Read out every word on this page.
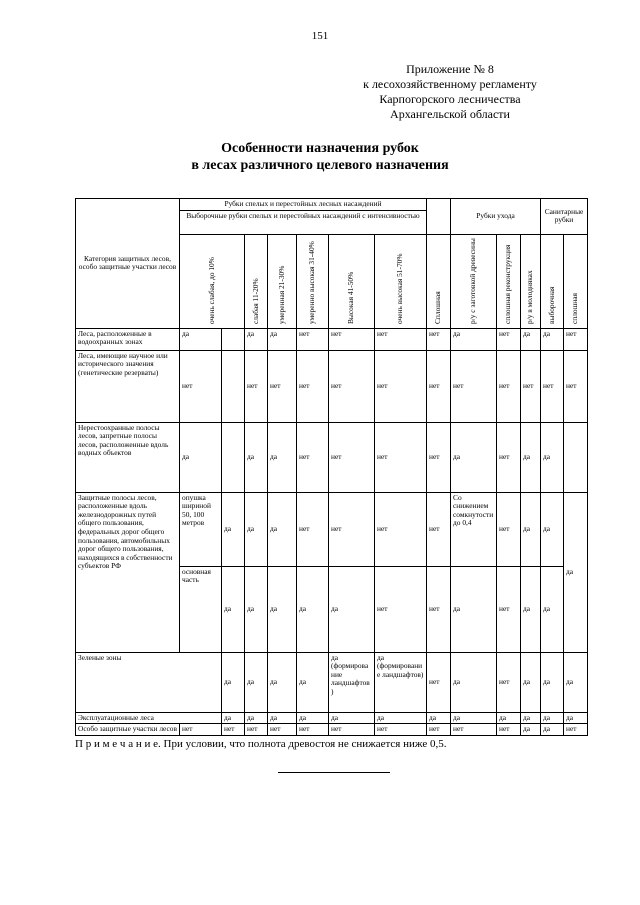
151
Приложение № 8
к лесохозяйственному регламенту
Карпогорского лесничества
Архангельской области
Особенности назначения рубок
в лесах различного целевого назначения
Категория защитных лесов, особо защитные участки лесов	Рубки спелых и перестойных лесных насаждений								Рубки ухода			Санитарные рубки	
	Выборочные рубки спелых и перестойных насаждений с интенсивностью												

	очень слабая, до 10%		слабая 11-20%	умеренная 21-30%	умеренно высокая 31-40%	Высокая 41-50%	очень высокая 51-70%	Сплошная	р/у с заготовкой древесины	сплошная реконструкция	р/у в молодняках	выборочная	сплошная

Леса, расположенные в водоохранных зонах	да		да	да	нет	нет	нет	нет	да	нет	да	да	нет
Леса, имеющие научное или исторического значения (генетические резерваты)	нет		нет	нет	нет	нет	нет	нет	нет	нет	нет	нет	нет
Нерестоохранные полосы лесов, запретные полосы лесов, расположенные вдоль водных объектов	да		да	да	нет	нет	нет	нет	да	нет	да	да	
Защитные полосы лесов, расположенные вдоль железнодорожных путей общего пользования, федеральных дорог общего пользования, автомобильных дорог общего пользования, находящихся в собственности субъектов РФ	опушка шириной 50, 100 метров	да	да	да	нет	нет	нет	нет	Со снижением сомкнутости до 0,4	нет	да	да	да
	основная часть	да	да	да	да	да	нет	нет	да	нет	да	да	
Зеленые зоны		да	да	да	да	да (формирование ландшафтов)	да (формирование ландшафтов)	нет	да	нет	да	да	да
Эксплуатационные леса		да	да	да	да	да	да	да	да	да	да	да	да
Особо защитные участки лесов	нет	нет	нет	нет	нет	нет	нет	нет	нет	нет	да	да	нет
П р и м е ч а н и е. При условии, что полнота древостоя не снижается ниже 0,5.
